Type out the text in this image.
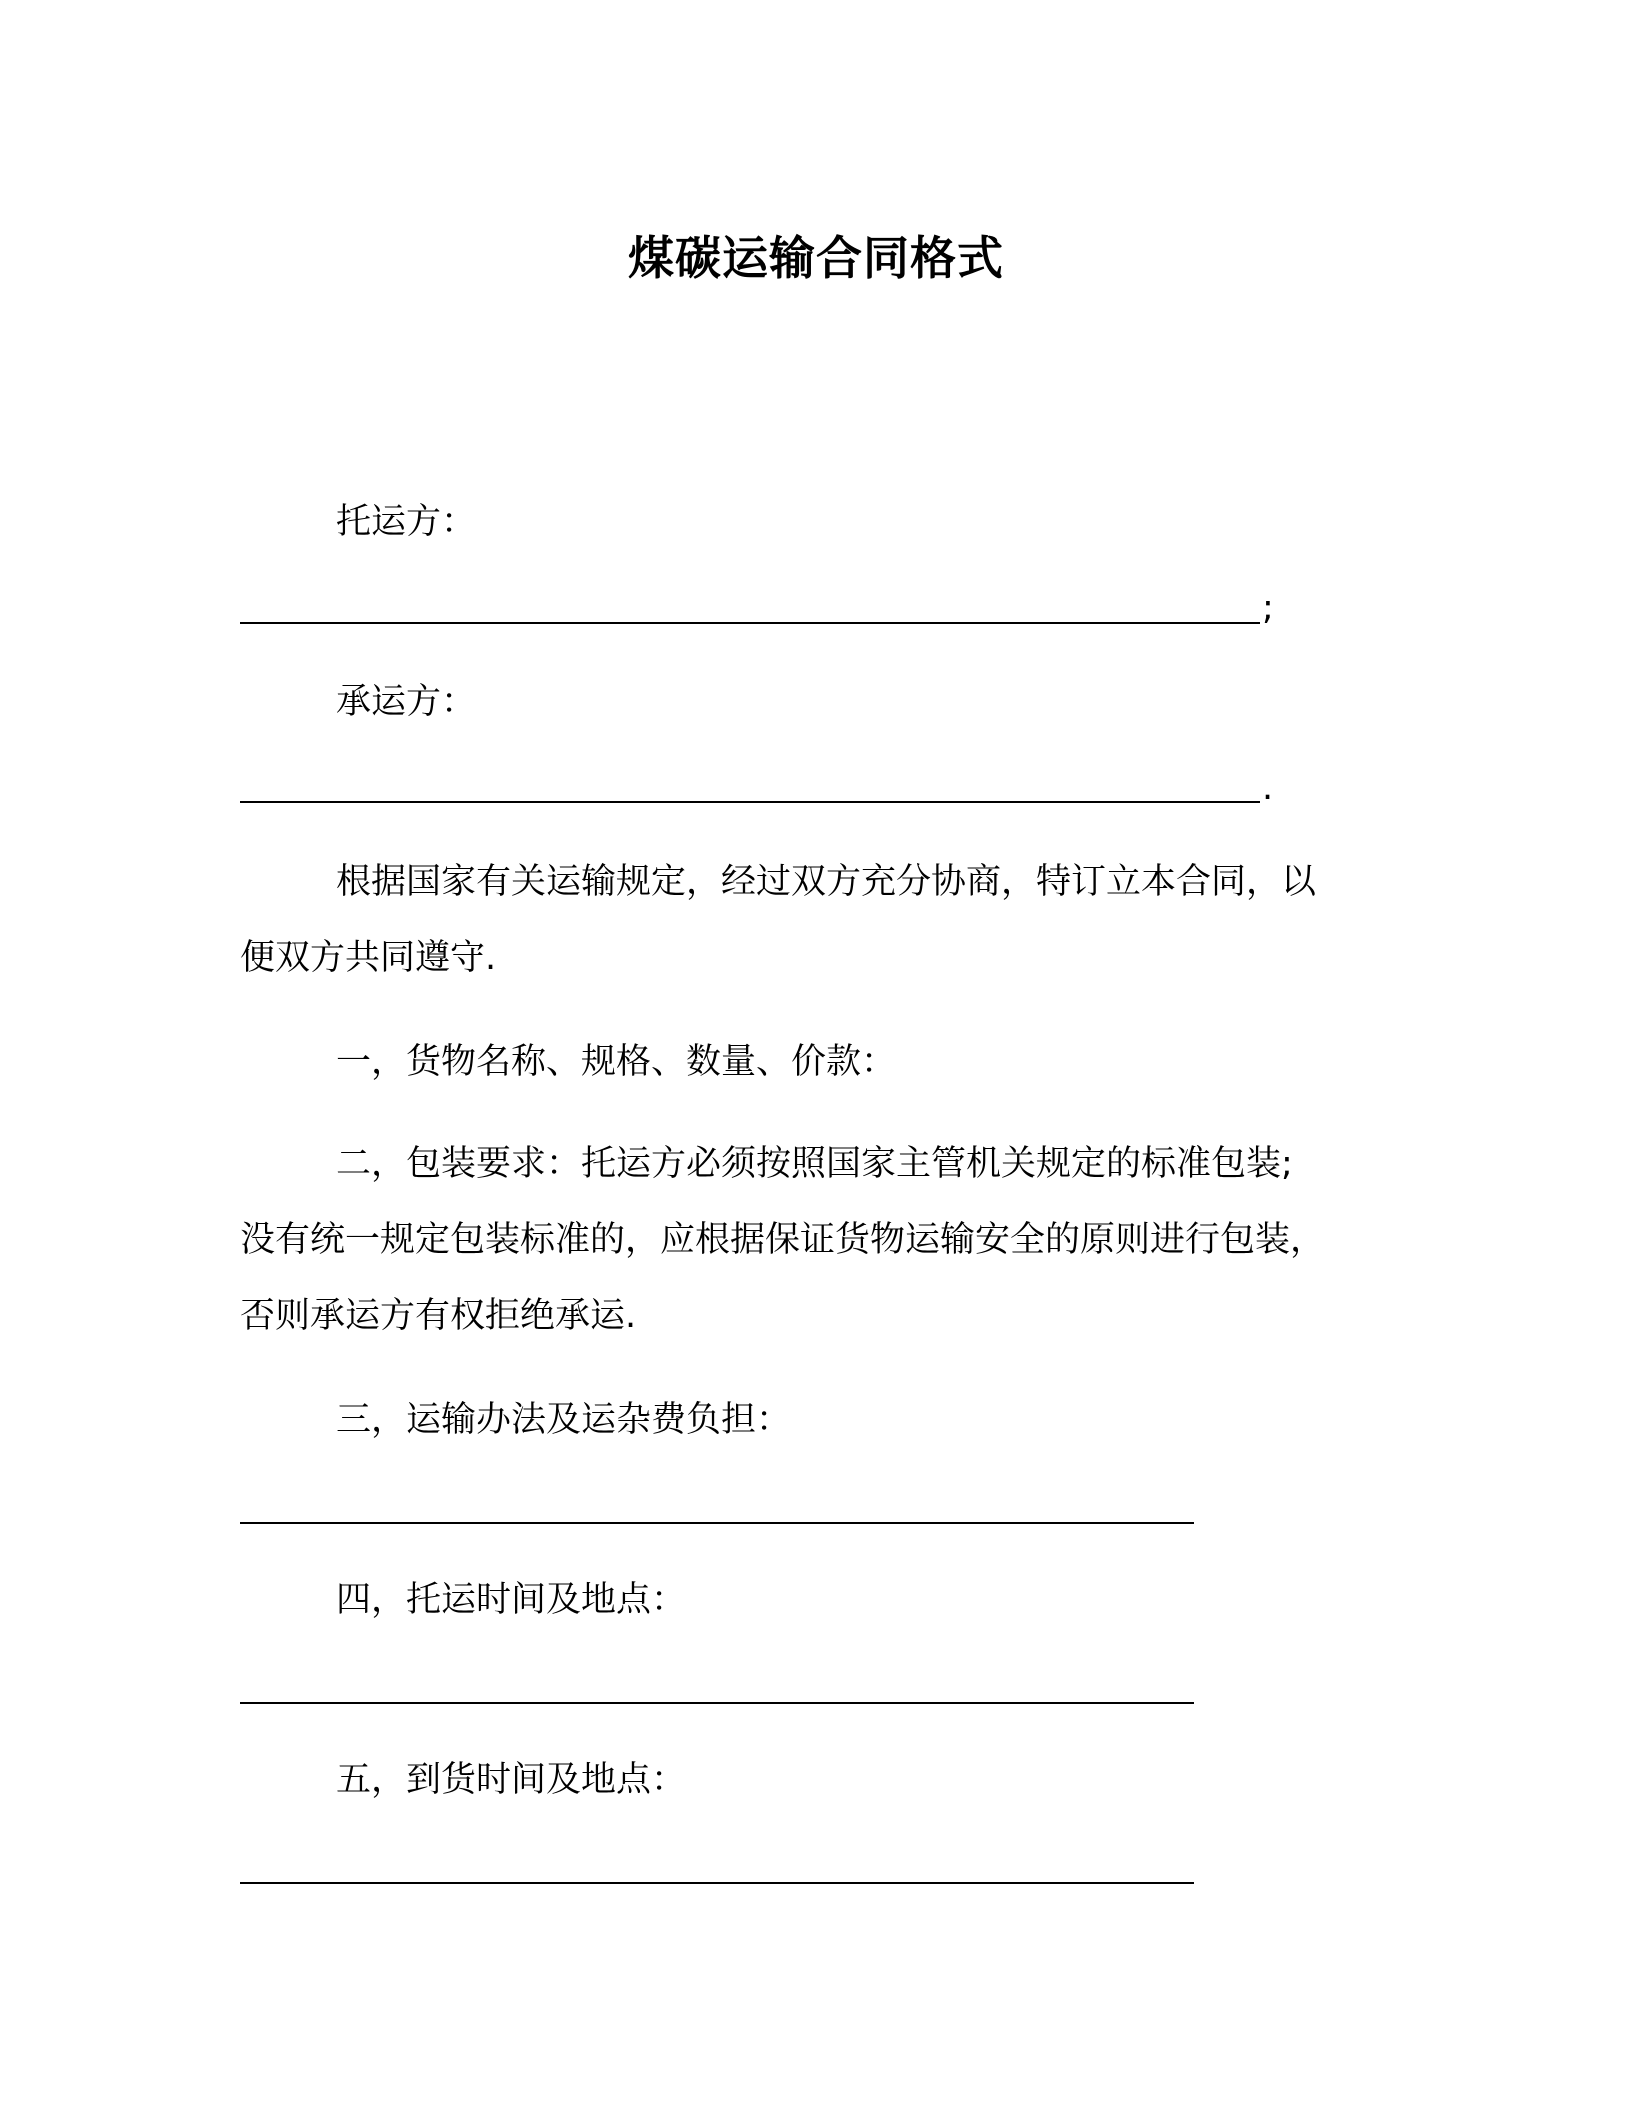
煤碳运输合同格式
托运方：
;
承运方：
.
根据国家有关运输规定，经过双方充分协商，特订立本合同，以
便双方共同遵守.
一，货物名称、规格、数量、价款：
二，包装要求：托运方必须按照国家主管机关规定的标准包装;
没有统一规定包装标准的，应根据保证货物运输安全的原则进行包装，
否则承运方有权拒绝承运.
三，运输办法及运杂费负担：
四，托运时间及地点：
五，到货时间及地点：
